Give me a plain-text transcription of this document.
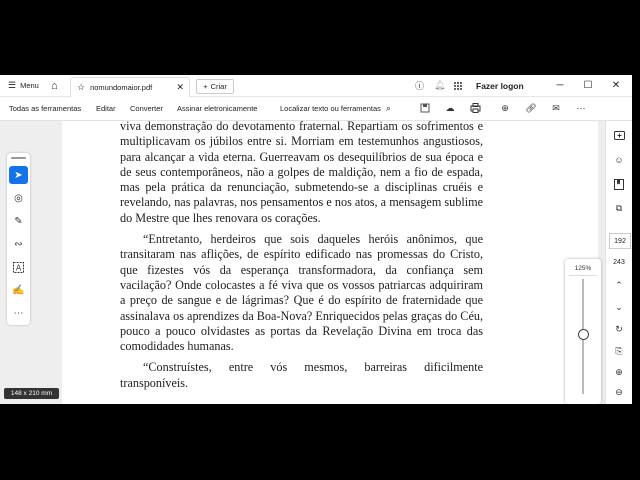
☰ Menu ⌂ ☆ nomundomaior.pdf	✕	+ Criar	ⓘ 🔔︎	Fazer logon	─	☐	✕
Todas as ferramentas Editar Converter Assinar eletronicamente	Localizar texto ou ferramentas ⌕	☁	⊕	🔗︎	✉	⋯

viva demonstração do devotamento fraternal. Repartiam os sofrimentos e multiplicavam os júbilos entre si. Morriam em testemunhos angustiosos, para alcançar a vida eterna. Guerreavam os desequilíbrios de sua época e de seus contemporâneos, não a golpes de maldição, nem a fio de espada, mas pela prática da renunciação, submetendo-se a disciplinas cruéis e revelando, nas palavras, nos pensamentos e nos atos, a mensagem sublime do Mestre que lhes renovara os corações.

“Entretanto, herdeiros que sois daqueles heróis anônimos, que transitaram nas aflições, de espírito edificado nas promessas do Cristo, que fizestes vós da esperança transformadora, da confiança sem vacilação? Onde colocastes a fé viva que os vossos patriarcas adquiriram a preço de sangue e de lágrimas? Que é do espírito de fraternidade que assinalava os aprendizes da Boa-Nova? Enriquecidos pelas graças do Céu, pouco a pouco olvidastes as portas da Revelação Divina em troca das comodidades humanas.

“Construístes, entre vós mesmos, barreiras dificilmente transponíveis.

➤
◎
✎
∾
A
✍
⋯
148 x 210 mm
125%
☺
⧉
192
243
⌃
⌄
↻
⎘
⊕
⊖
